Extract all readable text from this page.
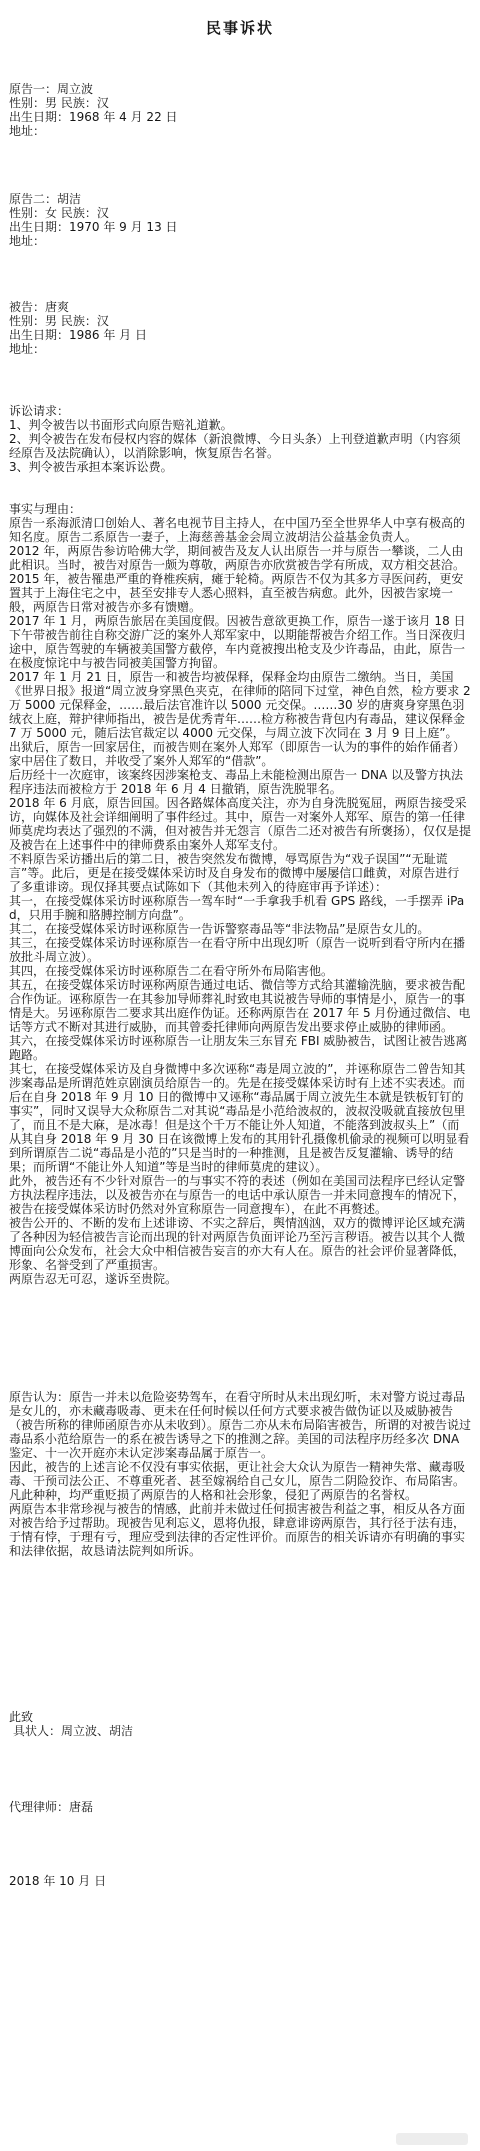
民事诉状
原告一：周立波
性别：男 民族：汉
出生日期：1968 年 4 月 22 日
地址：
原告二：胡洁
性别：女 民族：汉
出生日期：1970 年 9 月 13 日
地址：
被告：唐爽
性别：男 民族：汉
出生日期：1986 年 月 日
地址：
诉讼请求：
1、判令被告以书面形式向原告赔礼道歉。
2、判令被告在发布侵权内容的媒体（新浪微博、今日头条）上刊登道歉声明（内容须经原告及法院确认），以消除影响，恢复原告名誉。
3、判令被告承担本案诉讼费。
事实与理由：

原告一系海派清口创始人、著名电视节目主持人，在中国乃至全世界华人中享有极高的知名度。原告二系原告一妻子，上海慈善基金会周立波胡洁公益基金负责人。

2012 年，两原告参访哈佛大学，期间被告及友人认出原告一并与原告一攀谈，二人由此相识。当时，被告对原告一颇为尊敬，两原告亦欣赏被告学有所成，双方相交甚洽。

2015 年，被告罹患严重的脊椎疾病，瘫于轮椅。两原告不仅为其多方寻医问药，更安置其于上海住宅之中，甚至安排专人悉心照料，直至被告病愈。此外，因被告家境一般，两原告日常对被告亦多有馈赠。

2017 年 1 月，两原告旅居在美国度假。因被告意欲更换工作，原告一遂于该月 18 日下午带被告前往自称交游广泛的案外人郑军家中，以期能帮被告介绍工作。当日深夜归途中，原告驾驶的车辆被美国警方截停，车内竟被搜出枪支及少许毒品，由此，原告一在极度惊诧中与被告同被美国警方拘留。

2017 年 1 月 21 日，原告一和被告均被保释，保释金均由原告二缴纳。当日，美国《世界日报》报道“周立波身穿黑色夹克，在律师的陪同下过堂，神色自然，检方要求 2 万 5000 元保释金，……最后法官准许以 5000 元交保。……30 岁的唐爽身穿黑色羽绒衣上庭，辩护律师指出，被告是优秀青年……检方称被告背包内有毒品，建议保释金 7 万 5000 元，随后法官裁定以 4000 元交保，与周立波下次同在 3 月 9 日上庭”。

出狱后，原告一回家居住，而被告则在案外人郑军（即原告一认为的事件的始作俑者）家中居住了数日，并收受了案外人郑军的“借款”。

后历经十一次庭审，该案终因涉案枪支、毒品上未能检测出原告一 DNA 以及警方执法程序违法而被检方于 2018 年 6 月 4 日撤销，原告洗脱罪名。

2018 年 6 月底，原告回国。因各路媒体高度关注，亦为自身洗脱冤屈，两原告接受采访，向媒体及社会详细阐明了事件经过。其中，原告一对案外人郑军、原告的第一任律师莫虎均表达了强烈的不满，但对被告并无怨言（原告二还对被告有所褒扬），仅仅是提及被告在上述事件中的律师费系由案外人郑军支付。

不料原告采访播出后的第二日，被告突然发布微博，辱骂原告为“戏子误国”“无耻谎言”等。此后，更是在接受媒体采访时及自身发布的微博中屡屡信口雌黄，对原告进行了多重诽谤。现仅择其要点试陈如下（其他未列入的待庭审再予详述）：

其一，在接受媒体采访时诬称原告一驾车时“一手拿我手机看 GPS 路线，一手摆弄 iPad，只用手腕和胳膊控制方向盘”。

其二，在接受媒体采访时诬称原告一告诉警察毒品等“非法物品”是原告女儿的。

其三，在接受媒体采访时诬称原告一在看守所中出现幻听（原告一说听到看守所内在播放批斗周立波）。

其四，在接受媒体采访时诬称原告二在看守所外布局陷害他。

其五，在接受媒体采访时诬称两原告通过电话、微信等方式给其灌输洗脑，要求被告配合作伪证。诬称原告一在其参加导师葬礼时致电其说被告导师的事情是小，原告一的事情是大。另诬称原告二要求其出庭作伪证。还称两原告在 2017 年 5 月份通过微信、电话等方式不断对其进行威胁，而其曾委托律师向两原告发出要求停止威胁的律师函。

其六，在接受媒体采访时诬称原告一让朋友朱三东冒充 FBI 威胁被告，试图让被告逃离跑路。

其七，在接受媒体采访及自身微博中多次诬称“毒是周立波的”，并诬称原告二曾告知其涉案毒品是所谓范姓京剧演员给原告一的。先是在接受媒体采访时有上述不实表述。而后在自身 2018 年 9 月 10 日的微博中又诬称“毒品属于周立波先生本就是铁板钉钉的事实”，同时又误导大众称原告二对其说“毒品是小范给波叔的，波叔没吸就直接放包里了，而且不是大麻，是冰毒！但是这个千万不能让外人知道，不能落到波叔头上”（而从其自身 2018 年 9 月 30 日在该微博上发布的其用针孔摄像机偷录的视频可以明显看到所谓原告二说“毒品是小范的”只是当时的一种推测，且是被告反复灌输、诱导的结果；而所谓“不能让外人知道”等是当时的律师莫虎的建议）。

此外，被告还有不少针对原告一的与事实不符的表述（例如在美国司法程序已经认定警方执法程序违法，以及被告亦在与原告一的电话中承认原告一并未同意搜车的情况下，被告在接受媒体采访时仍然对外宣称原告一同意搜车），在此不再赘述。

被告公开的、不断的发布上述诽谤、不实之辞后，舆情汹汹，双方的微博评论区域充满了各种因为轻信被告言论而出现的针对两原告负面评论乃至污言秽语。被告以其个人微博面向公众发布，社会大众中相信被告妄言的亦大有人在。原告的社会评价显著降低，形象、名誉受到了严重损害。

两原告忍无可忍，遂诉至贵院。

原告认为：原告一并未以危险姿势驾车，在看守所时从未出现幻听，未对警方说过毒品是女儿的，亦未藏毒吸毒、更未在任何时候以任何方式要求被告做伪证以及威胁被告（被告所称的律师函原告亦从未收到）。原告二亦从未布局陷害被告，所谓的对被告说过毒品系小范给原告一的系在被告诱导之下的推测之辞。美国的司法程序历经多次 DNA 鉴定、十一次开庭亦未认定涉案毒品属于原告一。

因此，被告的上述言论不仅没有事实依据，更让社会大众认为原告一精神失常、藏毒吸毒、干预司法公正、不尊重死者、甚至嫁祸给自己女儿，原告二阴险狡诈、布局陷害。凡此种种，均严重贬损了两原告的人格和社会形象，侵犯了两原告的名誉权。

两原告本非常珍视与被告的情感，此前并未做过任何损害被告利益之事，相反从各方面对被告给予过帮助。现被告见利忘义，恩将仇报，肆意诽谤两原告，其行径于法有违，于情有悖，于理有亏，理应受到法律的否定性评价。而原告的相关诉请亦有明确的事实和法律依据，故恳请法院判如所诉。

此致
具状人：周立波、胡洁
代理律师：唐磊
2018 年 10 月 日
